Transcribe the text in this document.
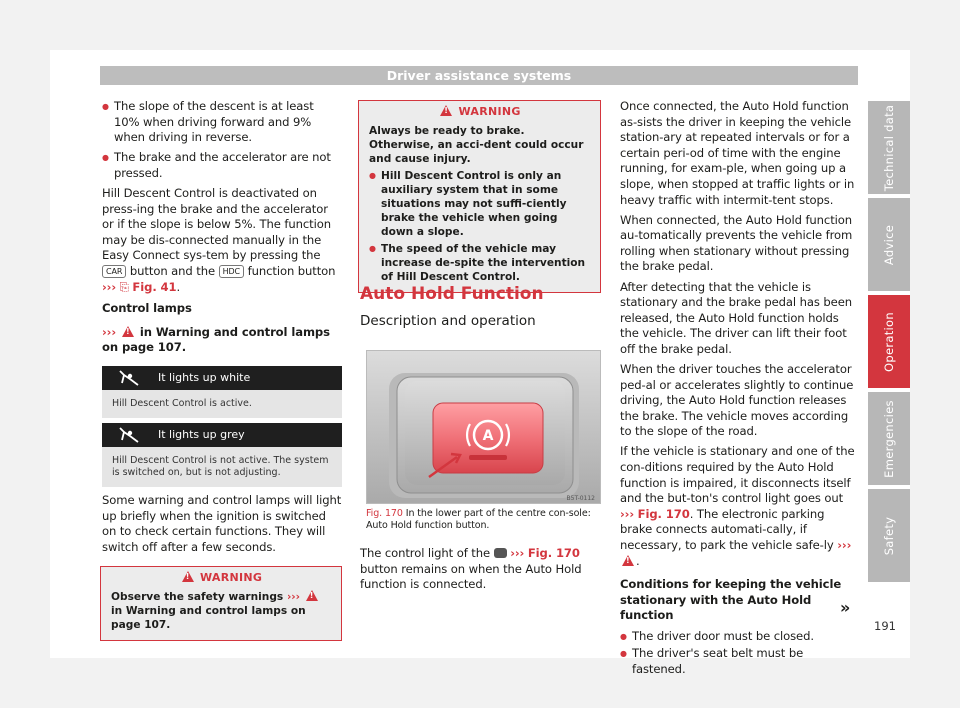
Driver assistance systems

● The slope of the descent is at least 10% when driving forward and 9% when driving in reverse.

● The brake and the accelerator are not pressed.

Hill Descent Control is deactivated on press-ing the brake and the accelerator or if the slope is below 5%. The function may be dis-connected manually in the Easy Connect sys-tem by pressing the CAR button and the HDC function button ››› ⎘ Fig. 41.

Control lamps

››› ! in Warning and control lamps on page 107.

It lights up white
Hill Descent Control is active.
It lights up grey
Hill Descent Control is not active. The system is switched on, but is not adjusting.

Some warning and control lamps will light up briefly when the ignition is switched on to check certain functions. They will switch off after a few seconds.

! WARNING
Observe the safety warnings ››› ! in Warning and control lamps on page 107.
! WARNING

Always be ready to brake. Otherwise, an acci-dent could occur and cause injury.

● Hill Descent Control is only an auxiliary system that in some situations may not suffi-ciently brake the vehicle when going down a slope.

● The speed of the vehicle may increase de-spite the intervention of Hill Descent Control.

Auto Hold Function
Description and operation
A
B5T-0112
Fig. 170 In the lower part of the centre con-sole: Auto Hold function button.

The control light of the ››› Fig. 170 button remains on when the Auto Hold function is connected.

Once connected, the Auto Hold function as-sists the driver in keeping the vehicle station-ary at repeated intervals or for a certain peri-od of time with the engine running, for exam-ple, when going up a slope, when stopped at traffic lights or in heavy traffic with intermit-tent stops.

When connected, the Auto Hold function au-tomatically prevents the vehicle from rolling when stationary without pressing the brake pedal.

After detecting that the vehicle is stationary and the brake pedal has been released, the Auto Hold function holds the vehicle. The driver can lift their foot off the brake pedal.

When the driver touches the accelerator ped-al or accelerates slightly to continue driving, the Auto Hold function releases the brake. The vehicle moves according to the slope of the road.

If the vehicle is stationary and one of the con-ditions required by the Auto Hold function is impaired, it disconnects itself and the but-ton's control light goes out ››› Fig. 170. The electronic parking brake connects automati-cally, if necessary, to park the vehicle safe-ly ››› !.

Conditions for keeping the vehicle stationary with the Auto Hold function

● The driver door must be closed.

● The driver's seat belt must be fastened.

»
191
Technical data
Advice
Operation
Emergencies
Safety
